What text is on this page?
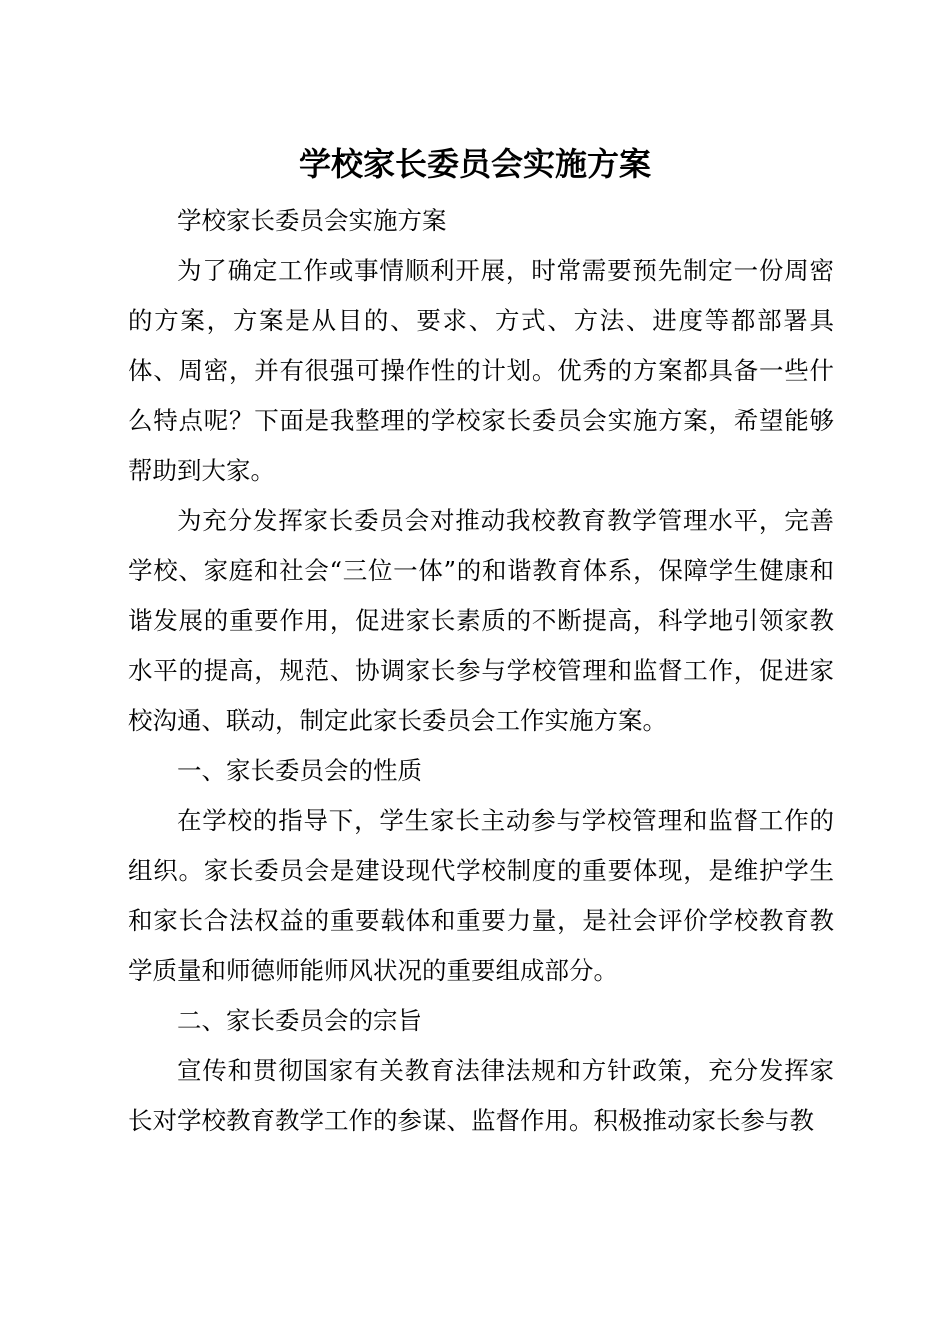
学校家长委员会实施方案

学校家长委员会实施方案

为了确定工作或事情顺利开展，时常需要预先制定一份周密的方案，方案是从目的、要求、方式、方法、进度等都部署具体、周密，并有很强可操作性的计划。优秀的方案都具备一些什么特点呢？下面是我整理的学校家长委员会实施方案，希望能够帮助到大家。

为充分发挥家长委员会对推动我校教育教学管理水平，完善学校、家庭和社会“三位一体”的和谐教育体系，保障学生健康和谐发展的重要作用，促进家长素质的不断提高，科学地引领家教水平的提高，规范、协调家长参与学校管理和监督工作，促进家校沟通、联动，制定此家长委员会工作实施方案。

一、家长委员会的性质

在学校的指导下，学生家长主动参与学校管理和监督工作的组织。家长委员会是建设现代学校制度的重要体现，是维护学生和家长合法权益的重要载体和重要力量，是社会评价学校教育教学质量和师德师能师风状况的重要组成部分。

二、家长委员会的宗旨

宣传和贯彻国家有关教育法律法规和方针政策，充分发挥家长对学校教育教学工作的参谋、监督作用。积极推动家长参与教
